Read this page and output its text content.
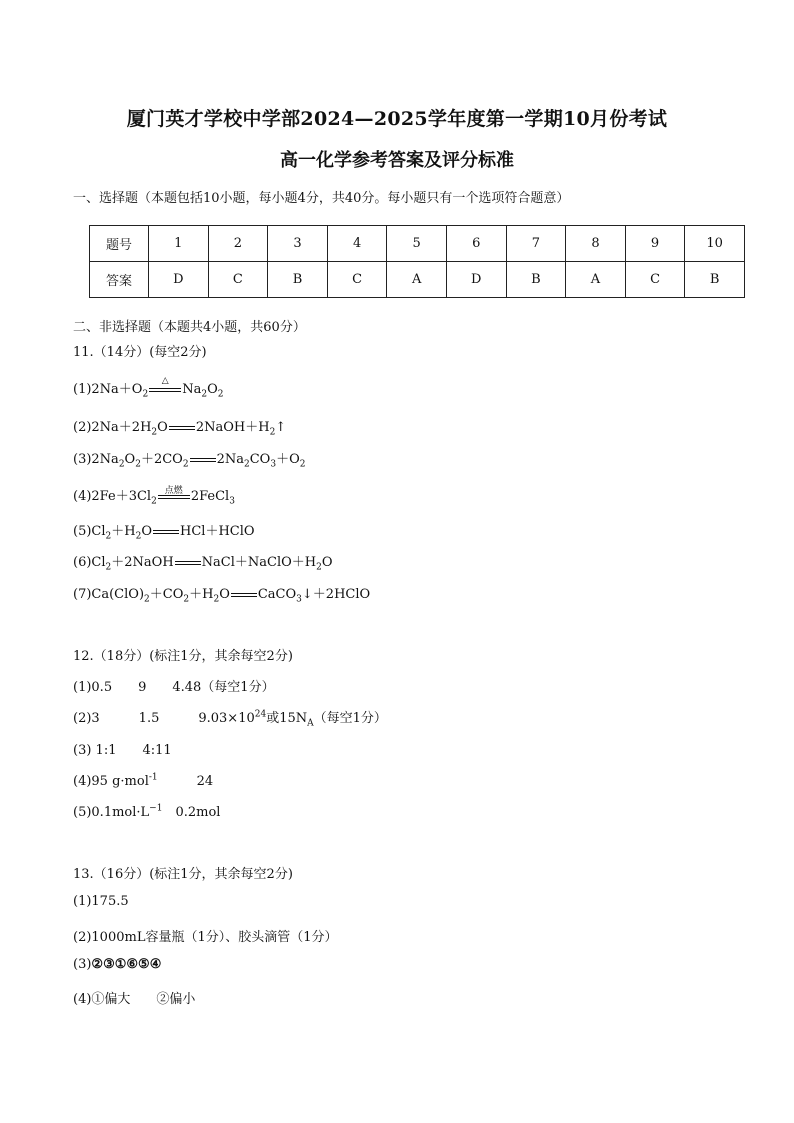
厦门英才学校中学部2024—2025学年度第一学期10月份考试
高一化学参考答案及评分标准
一、选择题（本题包括10小题，每小题4分，共40分。每小题只有一个选项符合题意）
题号	1	2	3	4	5	6	7	8	9	10
答案	D	C	B	C	A	D	B	A	C	B
二、非选择题（本题共4小题，共60分）
11.（14分）(每空2分)
$(1)2Na+O_2$
△
$Na_2O_2$
$(2)2Na+2H_2O$ $2NaOH+H_2↑$
$(3)2Na_2O_2+2CO_2$ $2Na_2CO_3+O_2$
$(4)2Fe+3Cl_2$
点燃 2FeCl$_3$
$(5)Cl_2+H_2O$ HCl＋HClO
$(6)Cl_2+2NaOH$ $NaCl+NaClO+H_2O$
$(7)Ca(ClO)_2+CO_2+H_2O$ CaCO$_3$↓＋2HClO
12.（18分）(标注1分，其余每空2分)
(1)0.5　　9　　4.48（每空1分）
(2)3　　　1.5　　　$9.03\times 10^{24}$或$15N_A$（每空1分）
(3) 1:1　　4:11
(4)95 g·mol$^{-1}$　　　24
$(5)0.1mol\cdot L^{-1}$　0.2mol
13.（16分）(标注1分，其余每空2分)
(1)175.5
(2)1000mL容量瓶（1分）、胶头滴管（1分）
(3)②③①⑥⑤④
(4)①偏大　　②偏小
